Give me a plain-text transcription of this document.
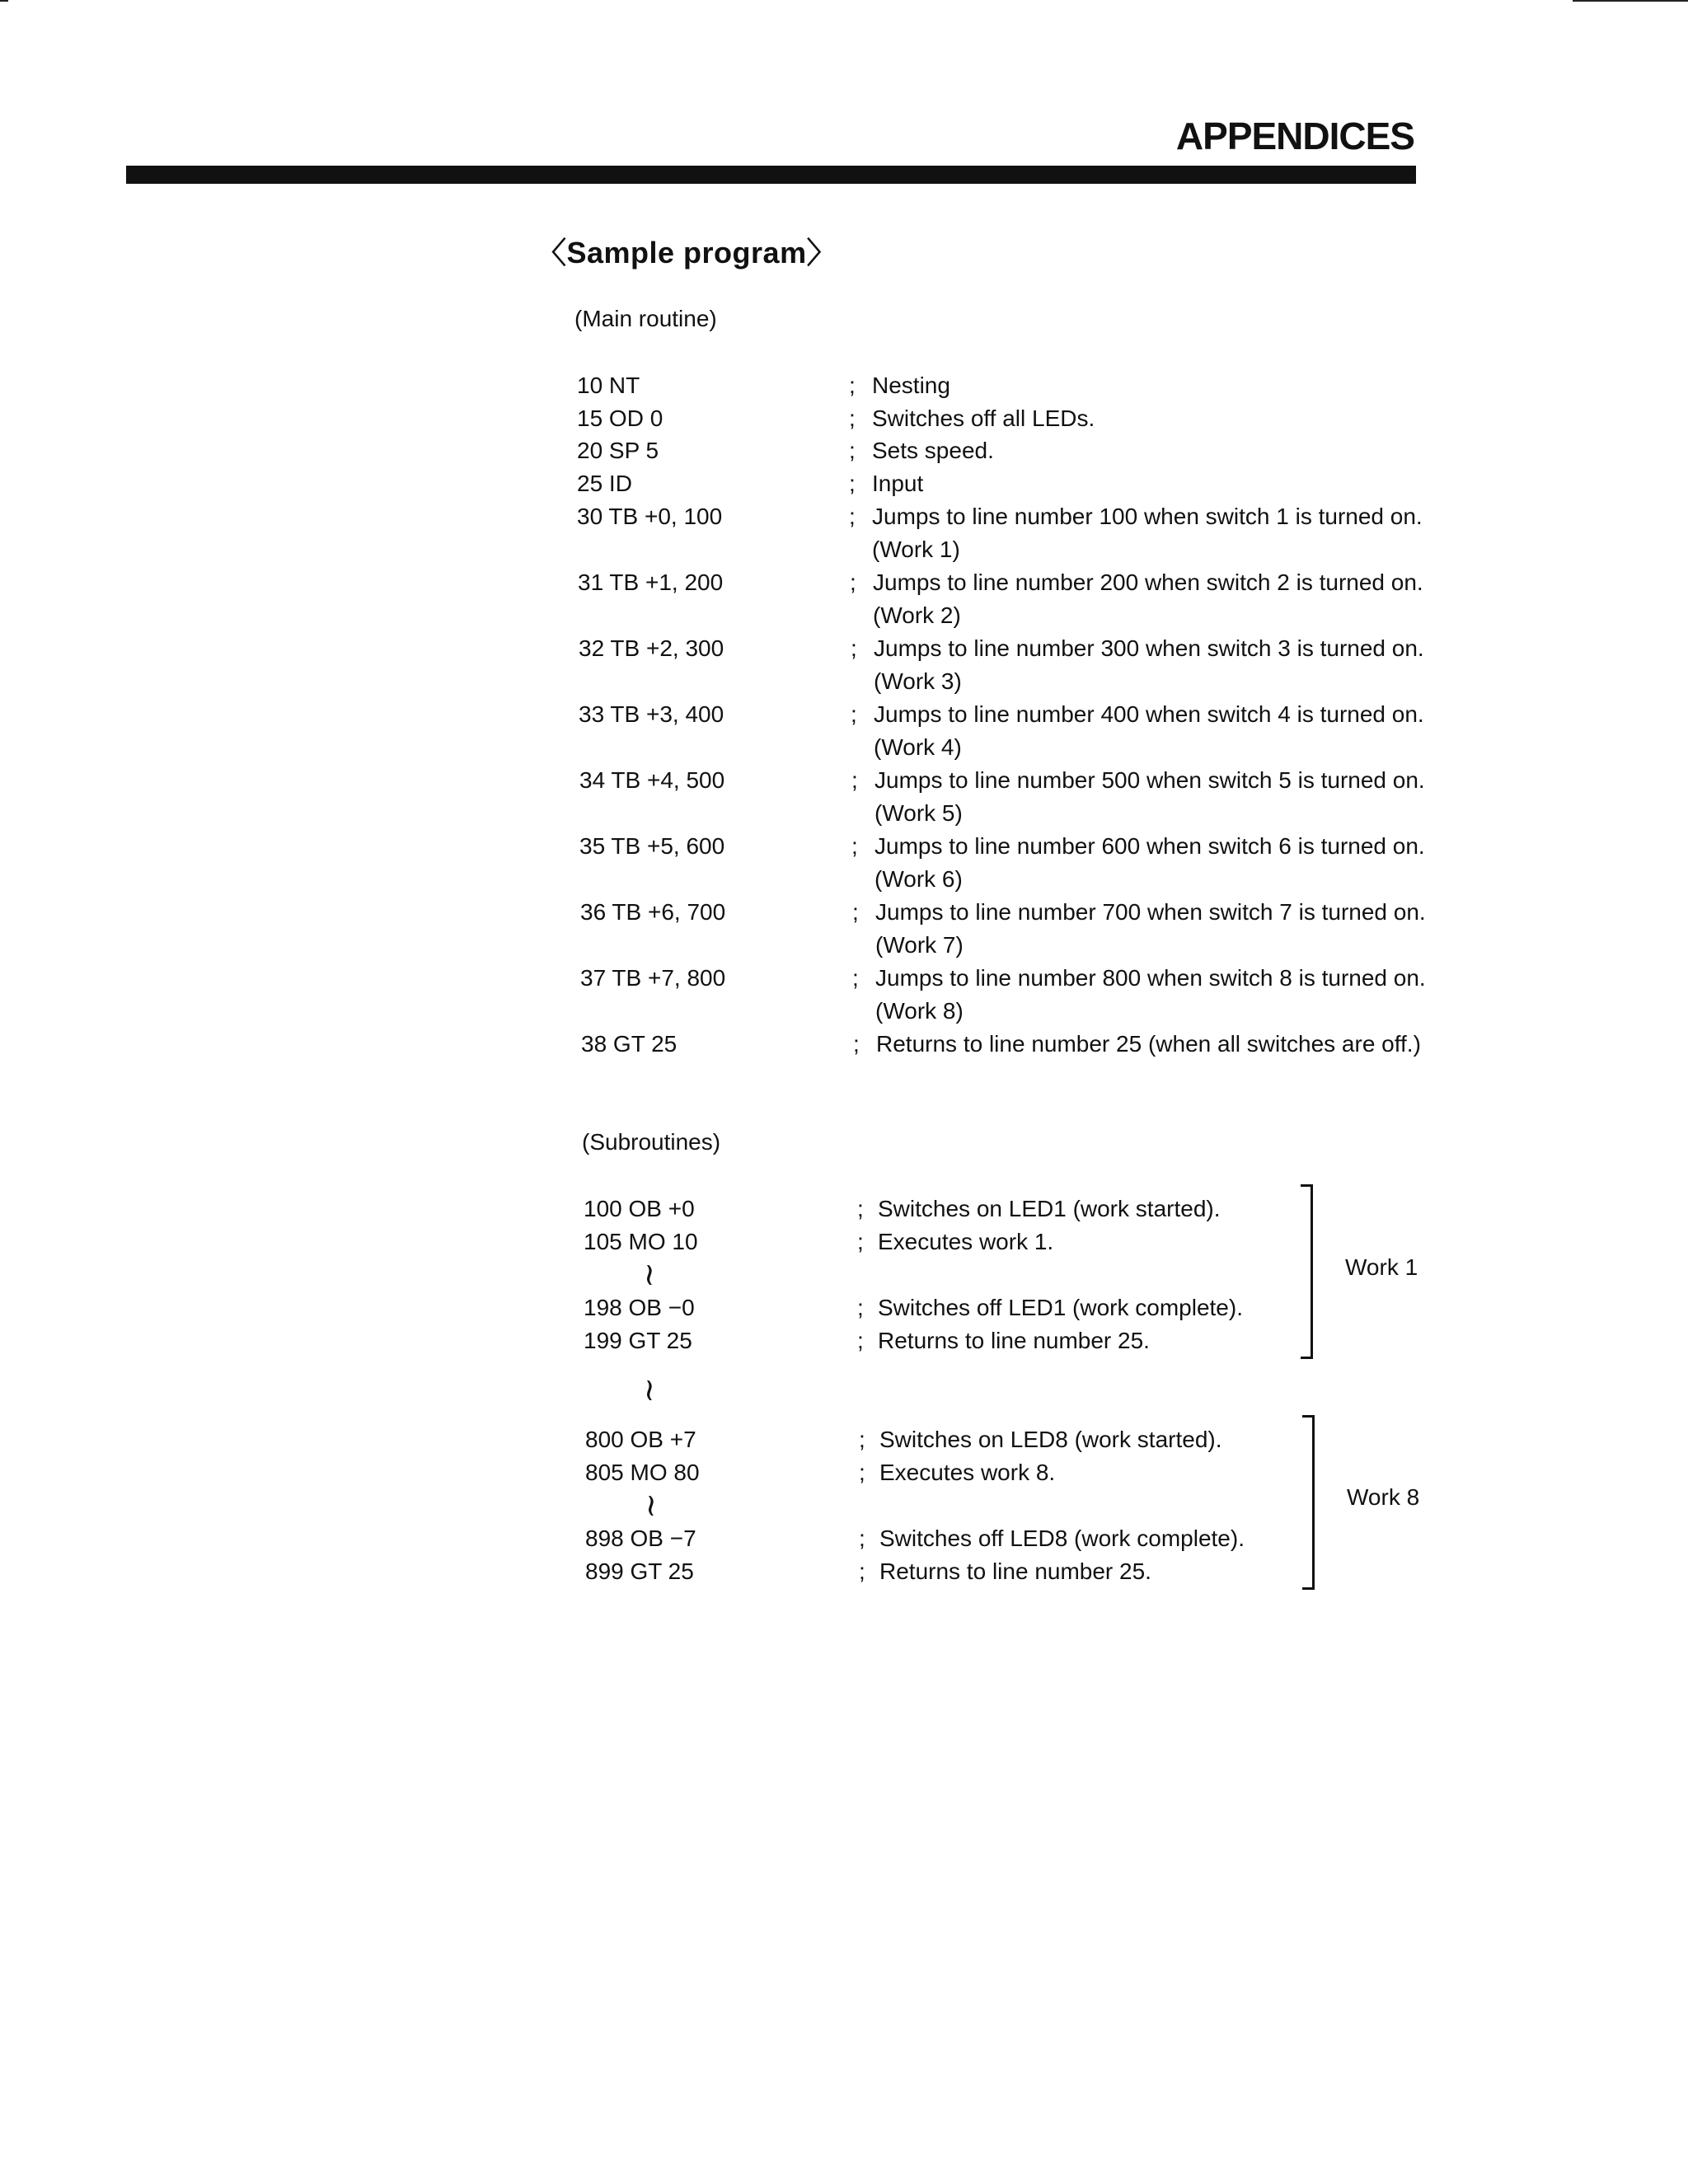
APPENDICES
〈Sample program〉

(Main routine)

10 NT	; Nesting
15 OD 0	; Switches off all LEDs.
20 SP 5	; Sets speed.
25 ID	; Input
30 TB +0, 100	; Jumps to line number 100 when switch 1 is turned on. (Work 1)
31 TB +1, 200	; Jumps to line number 200 when switch 2 is turned on. (Work 2)
32 TB +2, 300	; Jumps to line number 300 when switch 3 is turned on. (Work 3)
33 TB +3, 400	; Jumps to line number 400 when switch 4 is turned on. (Work 4)
34 TB +4, 500	; Jumps to line number 500 when switch 5 is turned on. (Work 5)
35 TB +5, 600	; Jumps to line number 600 when switch 6 is turned on. (Work 6)
36 TB +6, 700	; Jumps to line number 700 when switch 7 is turned on. (Work 7)
37 TB +7, 800	; Jumps to line number 800 when switch 8 is turned on. (Work 8)
38 GT 25	; Returns to line number 25 (when all switches are off.)

(Subroutines)

100 OB +0	; Switches on LED1 (work started).
105 MO 10	; Executes work 1.
~
198 OB −0	; Switches off LED1 (work complete).
199 GT 25	; Returns to line number 25.
Work 1
~
800 OB +7	; Switches on LED8 (work started).
805 MO 80	; Executes work 8.
~
898 OB −7	; Switches off LED8 (work complete).
899 GT 25	; Returns to line number 25.
Work 8
